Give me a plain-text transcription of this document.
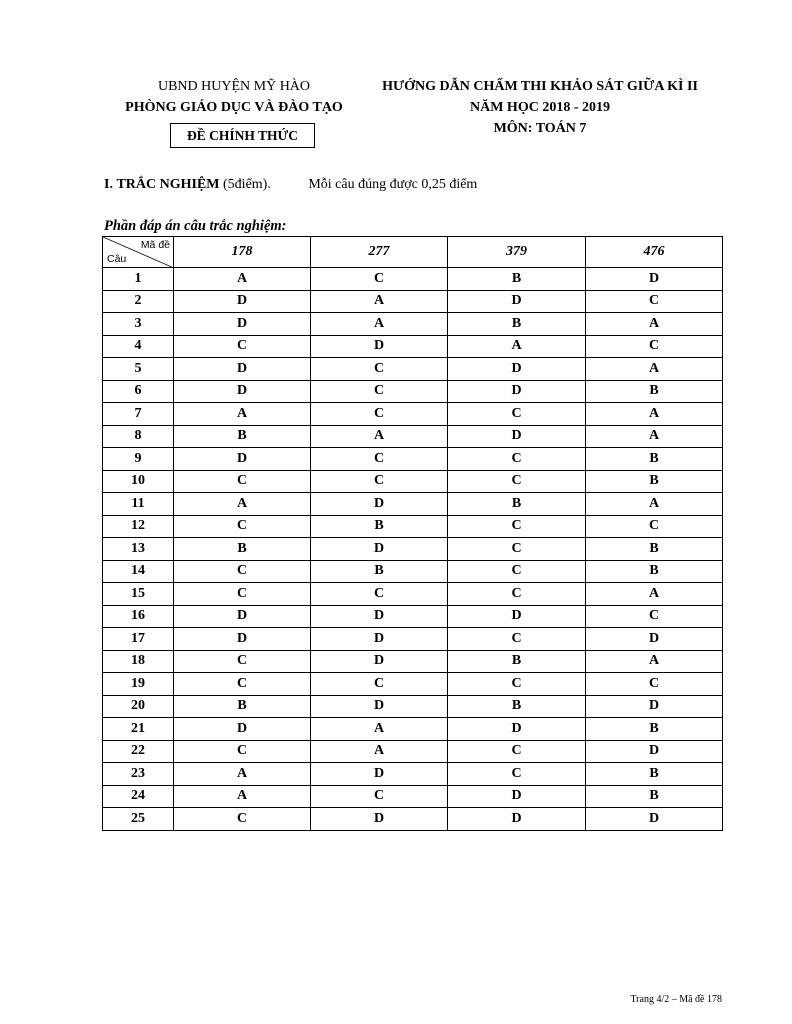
UBND HUYỆN MỸ HÀO
PHÒNG GIÁO DỤC VÀ ĐÀO TẠO
ĐỀ CHÍNH THỨC
HƯỚNG DẪN CHẤM THI KHẢO SÁT GIỮA KÌ II
NĂM HỌC 2018 - 2019
MÔN: TOÁN 7
I. TRẮC NGHIỆM (5điểm).	Mỗi câu đúng được 0,25 điểm
Phần đáp án câu trắc nghiệm:
Mã đề
Câu	178	277	379	476
1	A	C	B	D
2	D	A	D	C
3	D	A	B	A
4	C	D	A	C
5	D	C	D	A
6	D	C	D	B
7	A	C	C	A
8	B	A	D	A
9	D	C	C	B
10	C	C	C	B
11	A	D	B	A
12	C	B	C	C
13	B	D	C	B
14	C	B	C	B
15	C	C	C	A
16	D	D	D	C
17	D	D	C	D
18	C	D	B	A
19	C	C	C	C
20	B	D	B	D
21	D	A	D	B
22	C	A	C	D
23	A	D	C	B
24	A	C	D	B
25	C	D	D	D
Trang 4/2 – Mã đề 178
